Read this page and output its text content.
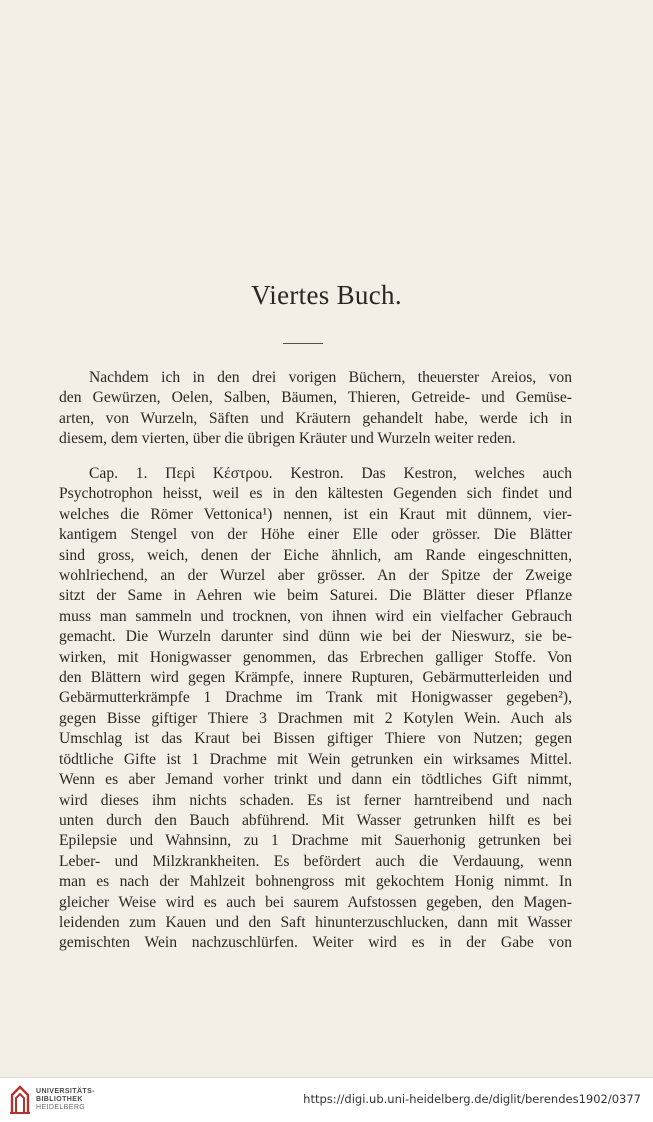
Viertes Buch.
Nachdem ich in den drei vorigen Büchern, theuerster Areios, von
den Gewürzen, Oelen, Salben, Bäumen, Thieren, Getreide- und Gemüse-
arten, von Wurzeln, Säften und Kräutern gehandelt habe, werde ich in
diesem, dem vierten, über die übrigen Kräuter und Wurzeln weiter reden.
Cap. 1. Περὶ Κέστρου. Kestron. Das Kestron, welches auch
Psychotrophon heisst, weil es in den kältesten Gegenden sich findet und
welches die Römer Vettonica¹) nennen, ist ein Kraut mit dünnem, vier-
kantigem Stengel von der Höhe einer Elle oder grösser. Die Blätter
sind gross, weich, denen der Eiche ähnlich, am Rande eingeschnitten,
wohlriechend, an der Wurzel aber grösser. An der Spitze der Zweige
sitzt der Same in Aehren wie beim Saturei. Die Blätter dieser Pflanze
muss man sammeln und trocknen, von ihnen wird ein vielfacher Gebrauch
gemacht. Die Wurzeln darunter sind dünn wie bei der Nieswurz, sie be-
wirken, mit Honigwasser genommen, das Erbrechen galliger Stoffe. Von
den Blättern wird gegen Krämpfe, innere Rupturen, Gebärmutterleiden und
Gebärmutterkrämpfe 1 Drachme im Trank mit Honigwasser gegeben²),
gegen Bisse giftiger Thiere 3 Drachmen mit 2 Kotylen Wein. Auch als
Umschlag ist das Kraut bei Bissen giftiger Thiere von Nutzen; gegen
tödtliche Gifte ist 1 Drachme mit Wein getrunken ein wirksames Mittel.
Wenn es aber Jemand vorher trinkt und dann ein tödtliches Gift nimmt,
wird dieses ihm nichts schaden. Es ist ferner harntreibend und nach
unten durch den Bauch abführend. Mit Wasser getrunken hilft es bei
Epilepsie und Wahnsinn, zu 1 Drachme mit Sauerhonig getrunken bei
Leber- und Milzkrankheiten. Es befördert auch die Verdauung, wenn
man es nach der Mahlzeit bohnengross mit gekochtem Honig nimmt. In
gleicher Weise wird es auch bei saurem Aufstossen gegeben, den Magen-
leidenden zum Kauen und den Saft hinunterzuschlucken, dann mit Wasser
gemischten Wein nachzuschlürfen. Weiter wird es in der Gabe von
UNIVERSITÄTS-
BIBLIOTHEK
HEIDELBERG
https://digi.ub.uni-heidelberg.de/diglit/berendes1902/0377
